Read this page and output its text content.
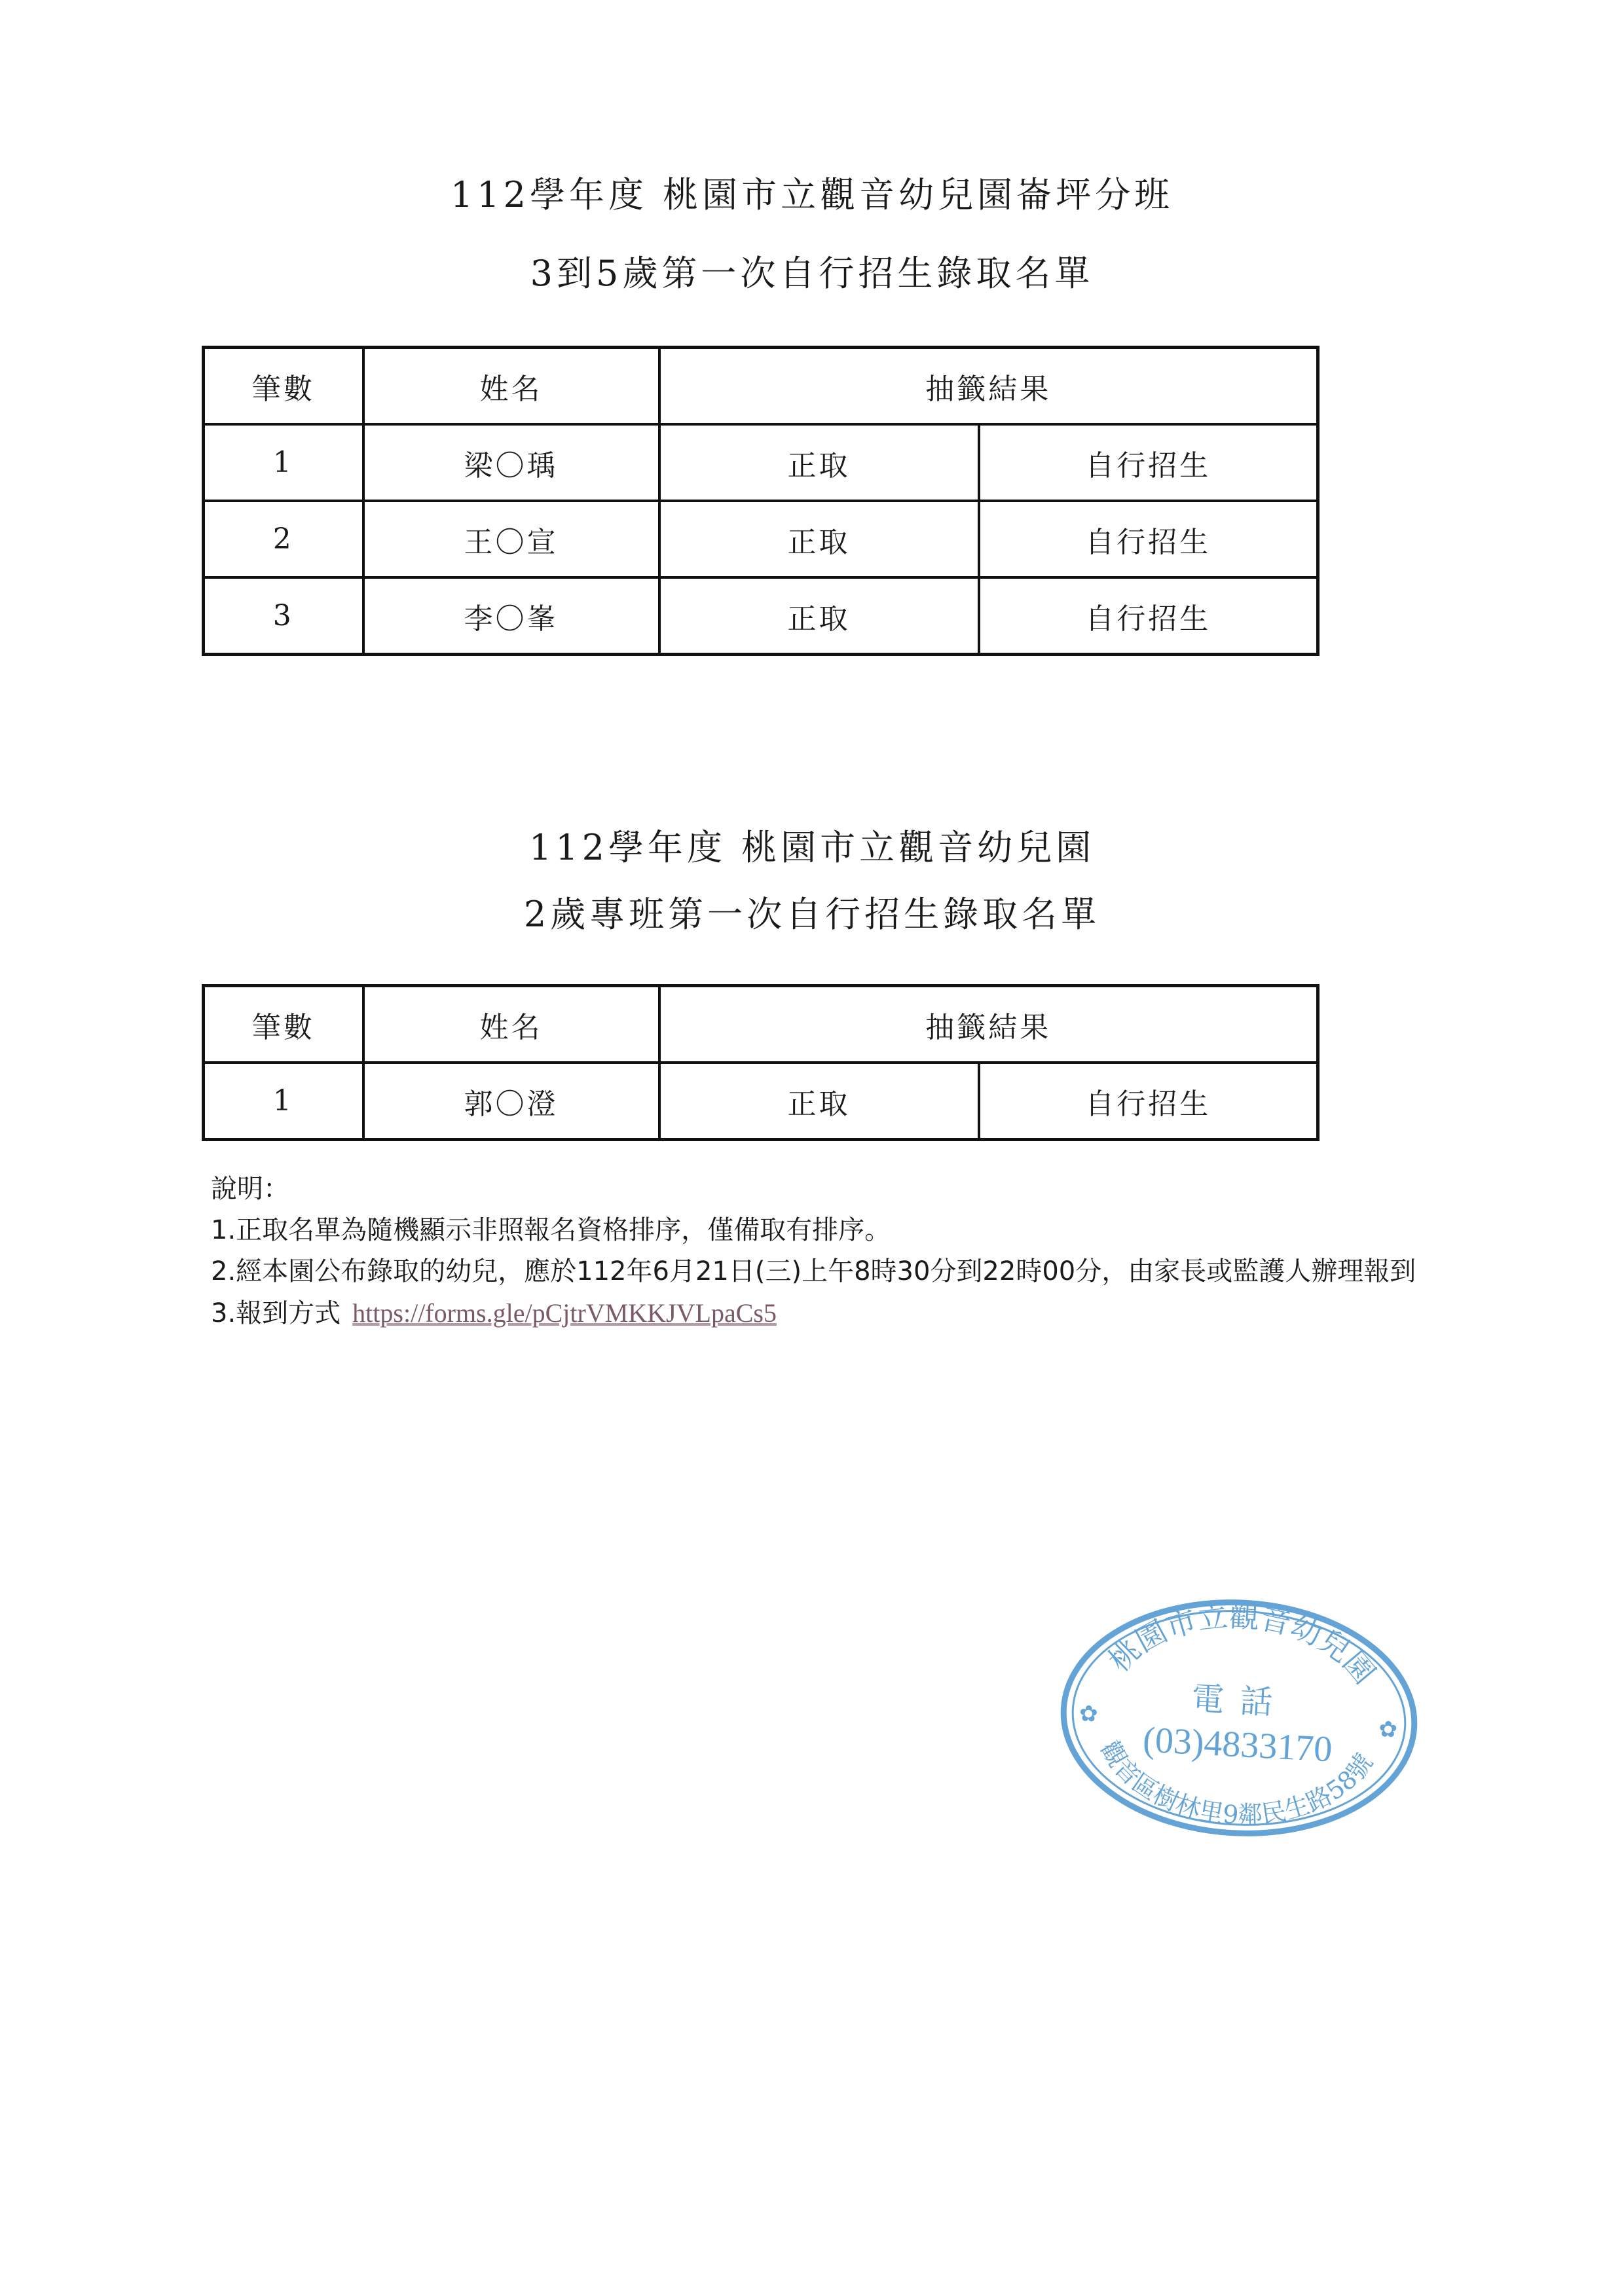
112學年度 桃園市立觀音幼兒園崙坪分班
3到5歲第一次自行招生錄取名單
筆數	姓名	抽籤結果	
1	梁〇瑀	正取	自行招生
2	王〇宣	正取	自行招生
3	李〇峯	正取	自行招生
112學年度 桃園市立觀音幼兒園
2歲專班第一次自行招生錄取名單
筆數	姓名	抽籤結果	
1	郭〇澄	正取	自行招生
說明：
1.正取名單為隨機顯示非照報名資格排序，僅備取有排序。
2.經本園公布錄取的幼兒，應於112年6月21日(三)上午8時30分到22時00分，由家長或監護人辦理報到
3.報到方式 https://forms.gle/pCjtrVMKKJVLpaCs5
桃園市立觀音幼兒園
電話
(03)4833170
觀音區樹林里9鄰民生路58號
✿
✿
